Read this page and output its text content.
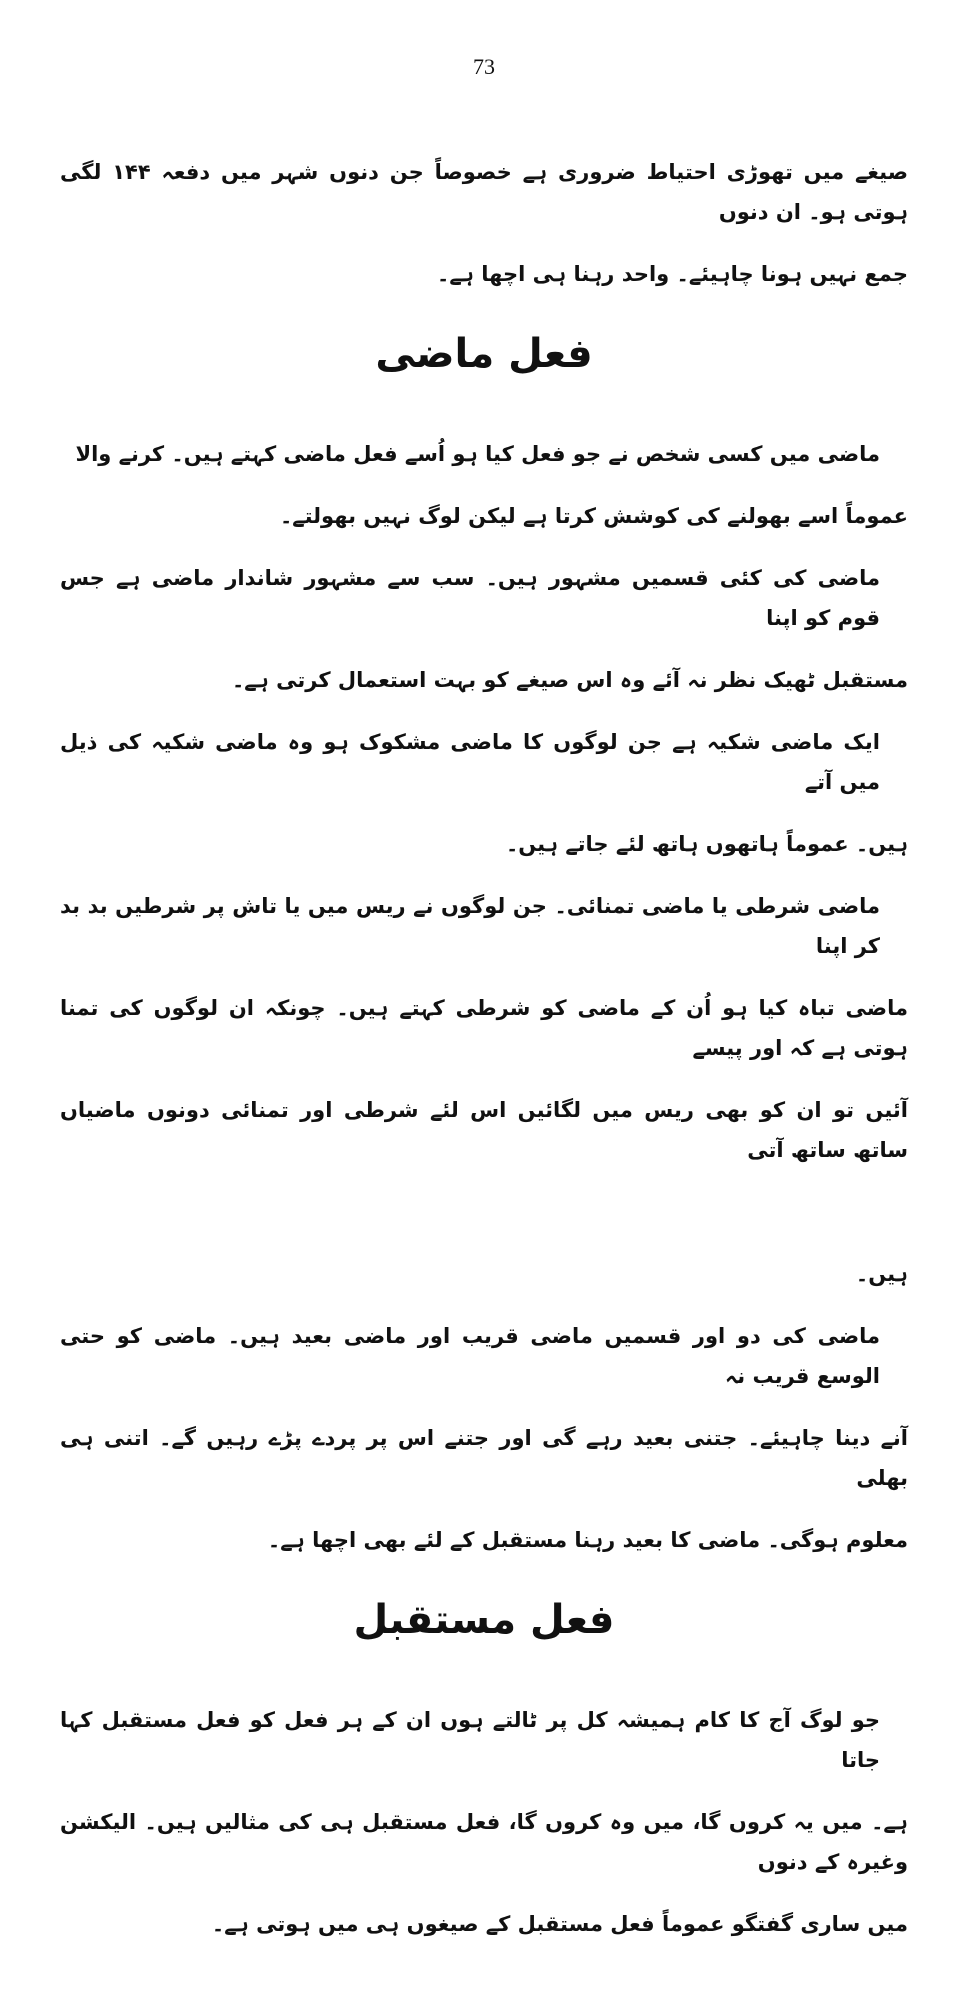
73
صیغے میں تھوڑی احتیاط ضروری ہے خصوصاً جن دنوں شہر میں دفعہ ۱۴۴ لگی ہوتی ہو۔ ان دنوں
جمع نہیں ہونا چاہیئے۔ واحد رہنا ہی اچھا ہے۔
فعل ماضی
ماضی میں کسی شخص نے جو فعل کیا ہو اُسے فعل ماضی کہتے ہیں۔ کرنے والا
عموماً اسے بھولنے کی کوشش کرتا ہے لیکن لوگ نہیں بھولتے۔
ماضی کی کئی قسمیں مشہور ہیں۔ سب سے مشہور شاندار ماضی ہے جس قوم کو اپنا
مستقبل ٹھیک نظر نہ آئے وہ اس صیغے کو بہت استعمال کرتی ہے۔
ایک ماضی شکیہ ہے جن لوگوں کا ماضی مشکوک ہو وہ ماضی شکیہ کی ذیل میں آتے
ہیں۔ عموماً ہاتھوں ہاتھ لئے جاتے ہیں۔
ماضی شرطی یا ماضی تمنائی۔ جن لوگوں نے ریس میں یا تاش پر شرطیں بد بد کر اپنا
ماضی تباہ کیا ہو اُن کے ماضی کو شرطی کہتے ہیں۔ چونکہ ان لوگوں کی تمنا ہوتی ہے کہ اور پیسے
آئیں تو ان کو بھی ریس میں لگائیں اس لئے شرطی اور تمنائی دونوں ماضیاں ساتھ ساتھ آتی
ہیں۔
ماضی کی دو اور قسمیں ماضی قریب اور ماضی بعید ہیں۔ ماضی کو حتی الوسع قریب نہ
آنے دینا چاہیئے۔ جتنی بعید رہے گی اور جتنے اس پر پردے پڑے رہیں گے۔ اتنی ہی بھلی
معلوم ہوگی۔ ماضی کا بعید رہنا مستقبل کے لئے بھی اچھا ہے۔
فعل مستقبل
جو لوگ آج کا کام ہمیشہ کل پر ٹالتے ہوں ان کے ہر فعل کو فعل مستقبل کہا جاتا
ہے۔ میں یہ کروں گا، میں وہ کروں گا، فعل مستقبل ہی کی مثالیں ہیں۔ الیکشن وغیرہ کے دنوں
میں ساری گفتگو عموماً فعل مستقبل کے صیغوں ہی میں ہوتی ہے۔
